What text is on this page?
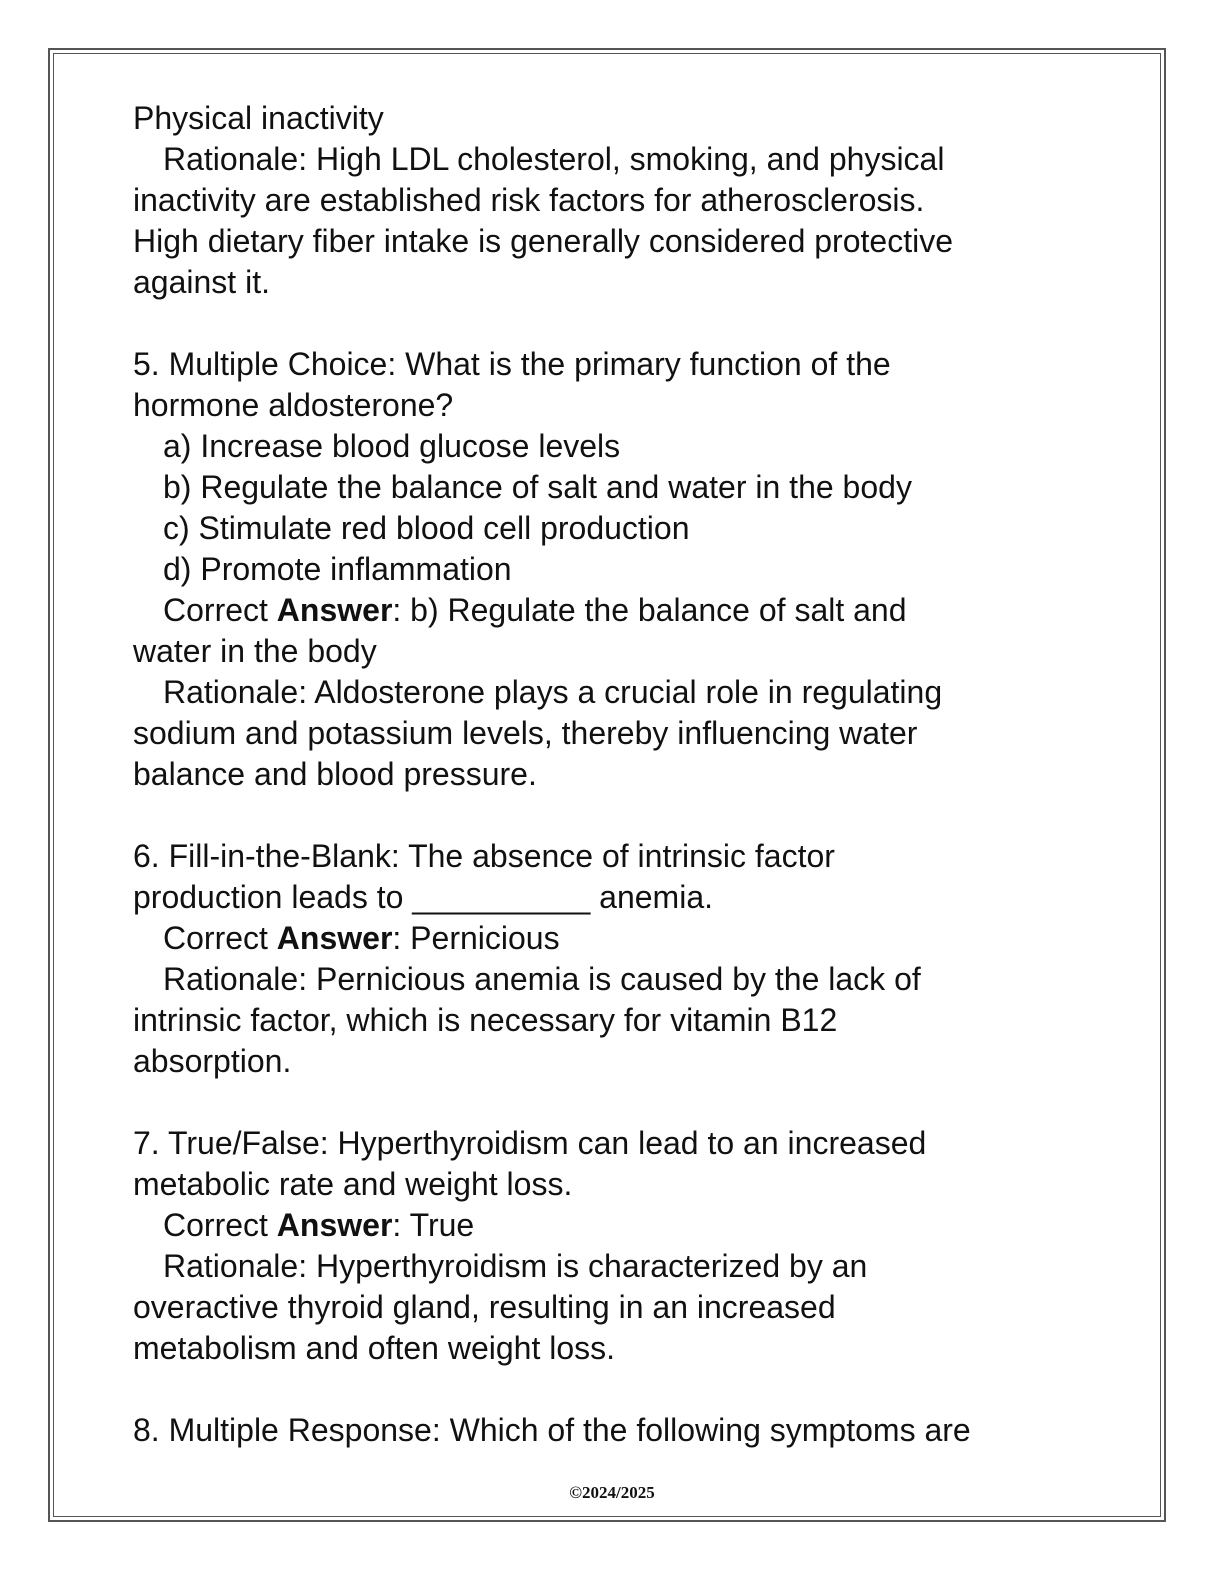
Physical inactivity
Rationale: High LDL cholesterol, smoking, and physical
inactivity are established risk factors for atherosclerosis.
High dietary fiber intake is generally considered protective
against it.
5. Multiple Choice: What is the primary function of the
hormone aldosterone?
a) Increase blood glucose levels
b) Regulate the balance of salt and water in the body
c) Stimulate red blood cell production
d) Promote inflammation
Correct Answer: b) Regulate the balance of salt and
water in the body
Rationale: Aldosterone plays a crucial role in regulating
sodium and potassium levels, thereby influencing water
balance and blood pressure.
6. Fill-in-the-Blank: The absence of intrinsic factor
production leads to __________ anemia.
Correct Answer: Pernicious
Rationale: Pernicious anemia is caused by the lack of
intrinsic factor, which is necessary for vitamin B12
absorption.
7. True/False: Hyperthyroidism can lead to an increased
metabolic rate and weight loss.
Correct Answer: True
Rationale: Hyperthyroidism is characterized by an
overactive thyroid gland, resulting in an increased
metabolism and often weight loss.
8. Multiple Response: Which of the following symptoms are
©2024/2025
